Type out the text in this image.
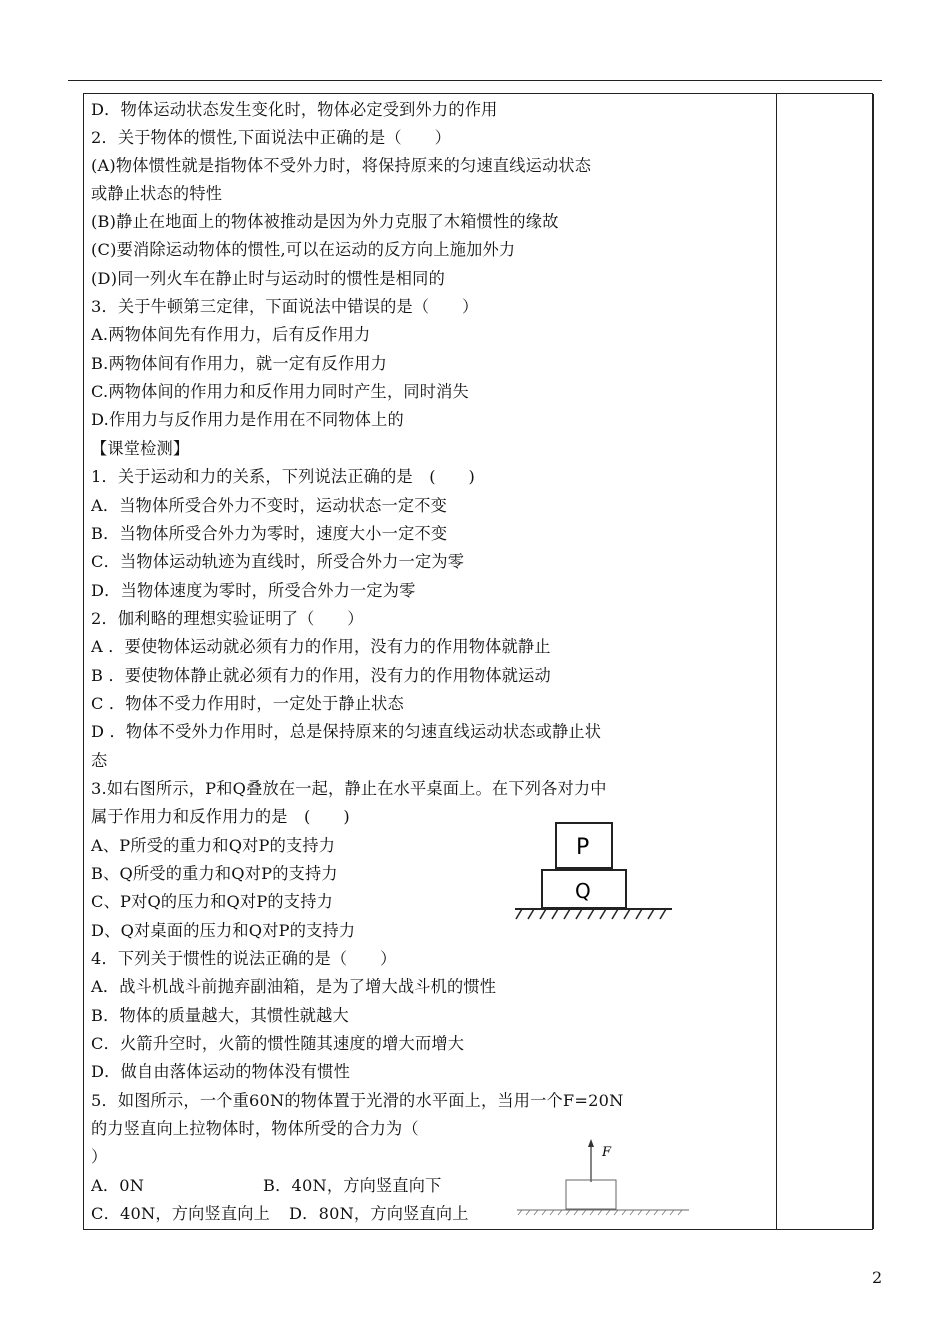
D．物体运动状态发生变化时，物体必定受到外力的作用
2．关于物体的惯性,下面说法中正确的是（　　）
(A)物体惯性就是指物体不受外力时，将保持原来的匀速直线运动状态
或静止状态的特性
(B)静止在地面上的物体被推动是因为外力克服了木箱惯性的缘故
(C)要消除运动物体的惯性,可以在运动的反方向上施加外力
(D)同一列火车在静止时与运动时的惯性是相同的
3．关于牛顿第三定律，下面说法中错误的是（　　）
A.两物体间先有作用力，后有反作用力
B.两物体间有作用力，就一定有反作用力
C.两物体间的作用力和反作用力同时产生，同时消失
D.作用力与反作用力是作用在不同物体上的
【课堂检测】
1．关于运动和力的关系，下列说法正确的是　(　　)
A．当物体所受合外力不变时，运动状态一定不变
B．当物体所受合外力为零时，速度大小一定不变
C．当物体运动轨迹为直线时，所受合外力一定为零
D．当物体速度为零时，所受合外力一定为零
2．伽利略的理想实验证明了（　　）
A ．要使物体运动就必须有力的作用，没有力的作用物体就静止
B ．要使物体静止就必须有力的作用，没有力的作用物体就运动
C ．物体不受力作用时，一定处于静止状态
D ．物体不受外力作用时，总是保持原来的匀速直线运动状态或静止状
态
3.如右图所示，P和Q叠放在一起，静止在水平桌面上。在下列各对力中
属于作用力和反作用力的是　(　　)
A、P所受的重力和Q对P的支持力
B、Q所受的重力和Q对P的支持力
C、P对Q的压力和Q对P的支持力
D、Q对桌面的压力和Q对P的支持力
4．下列关于惯性的说法正确的是（　　）
A．战斗机战斗前抛弃副油箱，是为了增大战斗机的惯性
B．物体的质量越大，其惯性就越大
C．火箭升空时，火箭的惯性随其速度的增大而增大
D．做自由落体运动的物体没有惯性
5．如图所示，一个重60N的物体置于光滑的水平面上，当用一个F=20N
的力竖直向上拉物体时，物体所受的合力为（
）
A．0N	B．40N，方向竖直向下
C．40N，方向竖直向上 D．80N，方向竖直向上
P
Q
F
2
